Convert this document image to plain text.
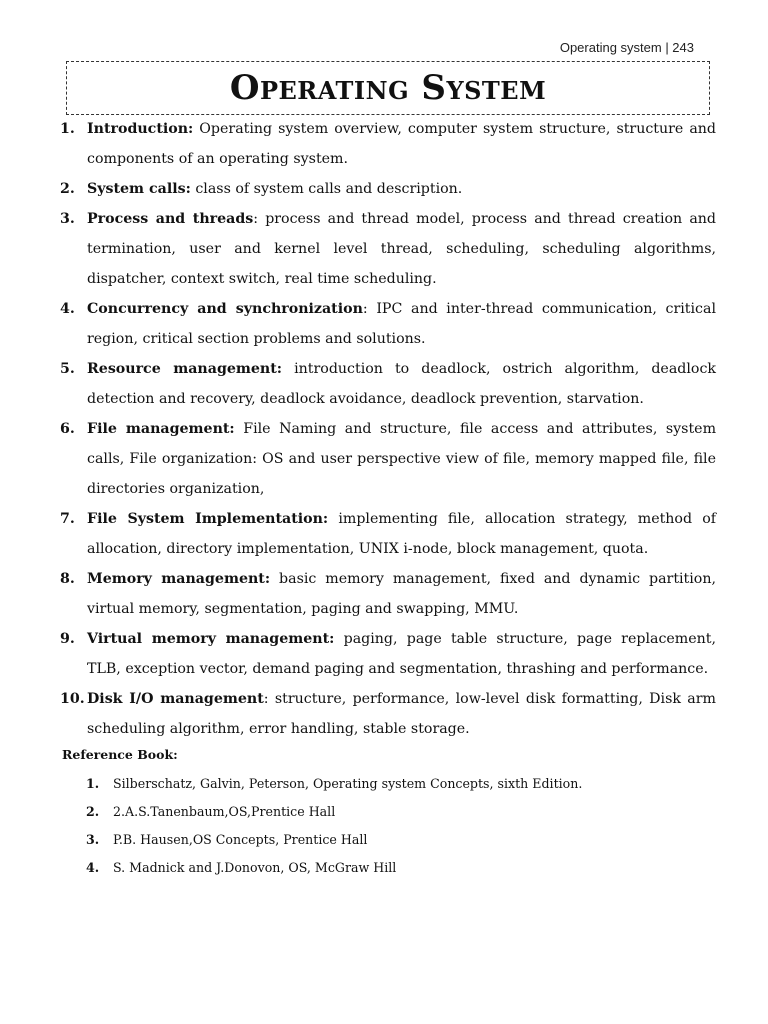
Operating system | 243
Operating System
1. Introduction: Operating system overview, computer system structure, structure and components of an operating system.
2. System calls: class of system calls and description.
3. Process and threads: process and thread model, process and thread creation and termination, user and kernel level thread, scheduling, scheduling algorithms, dispatcher, context switch, real time scheduling.
4. Concurrency and synchronization: IPC and inter-thread communication, critical region, critical section problems and solutions.
5. Resource management: introduction to deadlock, ostrich algorithm, deadlock detection and recovery, deadlock avoidance, deadlock prevention, starvation.
6. File management: File Naming and structure, file access and attributes, system calls, File organization: OS and user perspective view of file, memory mapped file, file directories organization,
7. File System Implementation: implementing file, allocation strategy, method of allocation, directory implementation, UNIX i-node, block management, quota.
8. Memory management: basic memory management, fixed and dynamic partition, virtual memory, segmentation, paging and swapping, MMU.
9. Virtual memory management: paging, page table structure, page replacement, TLB, exception vector, demand paging and segmentation, thrashing and performance.
10. Disk I/O management: structure, performance, low-level disk formatting, Disk arm scheduling algorithm, error handling, stable storage.
Reference Book:
1. Silberschatz, Galvin, Peterson, Operating system Concepts, sixth Edition.
2. 2.A.S.Tanenbaum,OS,Prentice Hall
3. P.B. Hausen,OS Concepts, Prentice Hall
4. S. Madnick and J.Donovon, OS, McGraw Hill
